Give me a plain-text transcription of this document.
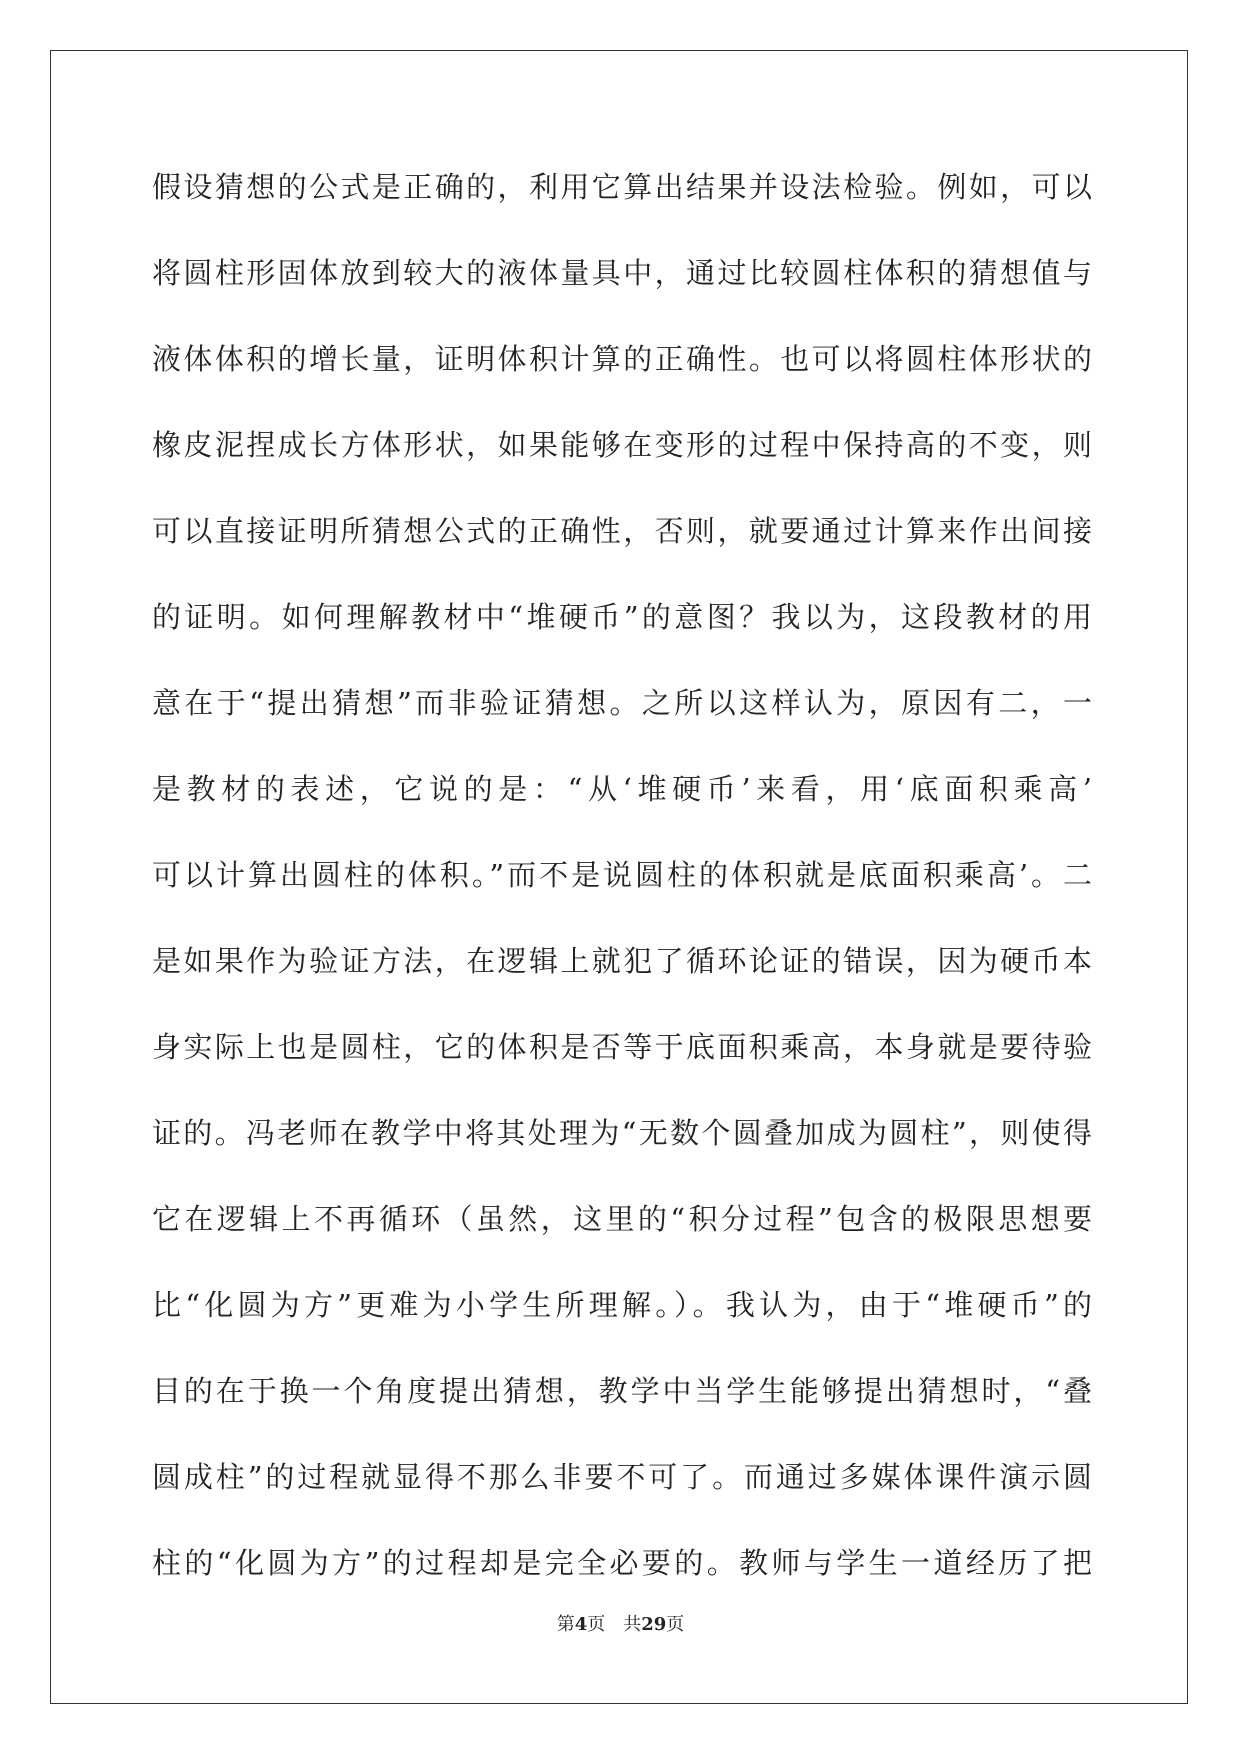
假设猜想的公式是正确的，利用它算出结果并设法检验。例如，可以
将圆柱形固体放到较大的液体量具中，通过比较圆柱体积的猜想值与
液体体积的增长量，证明体积计算的正确性。也可以将圆柱体形状的
橡皮泥捏成长方体形状，如果能够在变形的过程中保持高的不变，则
可以直接证明所猜想公式的正确性，否则，就要通过计算来作出间接
的证明。如何理解教材中“堆硬币”的意图？我以为，这段教材的用
意在于“提出猜想”而非验证猜想。之所以这样认为，原因有二，一
是教材的表述，它说的是：“从‘堆硬币’来看，用‘底面积乘高’
可以计算出圆柱的体积。”而不是说圆柱的体积就是底面积乘高’。二
是如果作为验证方法，在逻辑上就犯了循环论证的错误，因为硬币本
身实际上也是圆柱，它的体积是否等于底面积乘高，本身就是要待验
证的。冯老师在教学中将其处理为“无数个圆叠加成为圆柱”，则使得
它在逻辑上不再循环（虽然，这里的“积分过程”包含的极限思想要
比“化圆为方”更难为小学生所理解。）。我认为，由于“堆硬币”的
目的在于换一个角度提出猜想，教学中当学生能够提出猜想时，“叠
圆成柱”的过程就显得不那么非要不可了。而通过多媒体课件演示圆
柱的“化圆为方”的过程却是完全必要的。教师与学生一道经历了把
第4页 共29页
